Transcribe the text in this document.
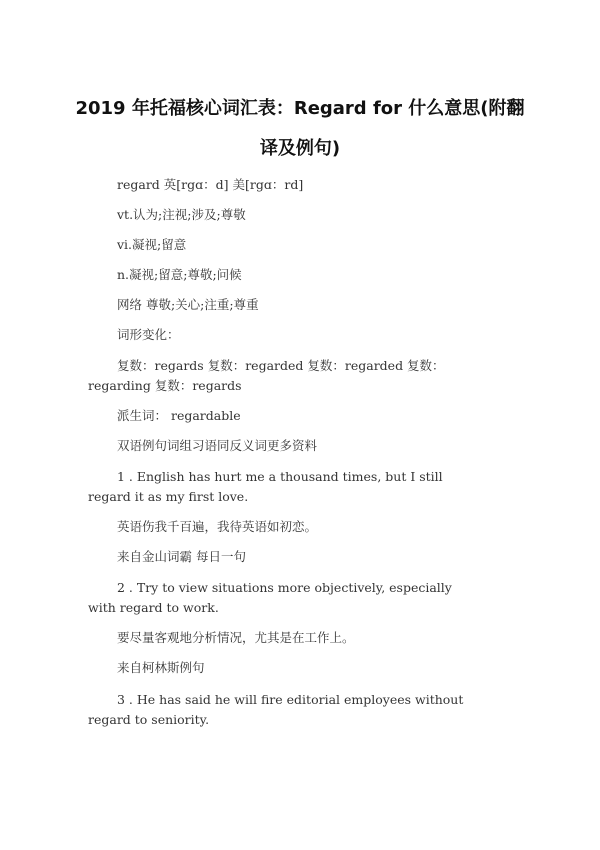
2019 年托福核心词汇表：Regard for 什么意思(附翻
译及例句)

regard 英[rgɑ：d] 美[rgɑ：rd]

vt.认为;注视;涉及;尊敬

vi.凝视;留意

n.凝视;留意;尊敬;问候

网络 尊敬;关心;注重;尊重

词形变化：

复数：regards 复数：regarded 复数：regarded 复数：

regarding 复数：regards

派生词： regardable

双语例句词组习语同反义词更多资料

1 . English has hurt me a thousand times, but I still

regard it as my first love.

英语伤我千百遍，我待英语如初恋。

来自金山词霸 每日一句

2 . Try to view situations more objectively, especially

with regard to work.

要尽量客观地分析情况，尤其是在工作上。

来自柯林斯例句

3 . He has said he will fire editorial employees without

regard to seniority.
